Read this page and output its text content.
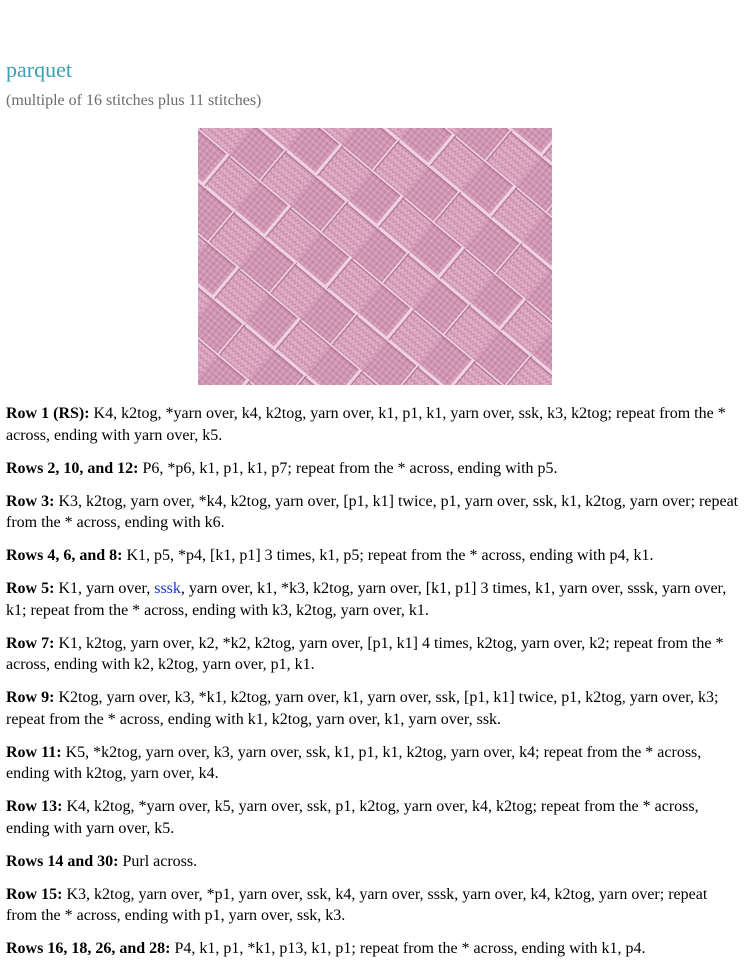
parquet
(multiple of 16 stitches plus 11 stitches)

Row 1 (RS): K4, k2tog, *yarn over, k4, k2tog, yarn over, k1, p1, k1, yarn over, ssk, k3, k2tog; repeat from the * across, ending with yarn over, k5.

Rows 2, 10, and 12: P6, *p6, k1, p1, k1, p7; repeat from the * across, ending with p5.

Row 3: K3, k2tog, yarn over, *k4, k2tog, yarn over, [p1, k1] twice, p1, yarn over, ssk, k1, k2tog, yarn over; repeat from the * across, ending with k6.

Rows 4, 6, and 8: K1, p5, *p4, [k1, p1] 3 times, k1, p5; repeat from the * across, ending with p4, k1.

Row 5: K1, yarn over, sssk, yarn over, k1, *k3, k2tog, yarn over, [k1, p1] 3 times, k1, yarn over, sssk, yarn over, k1; repeat from the * across, ending with k3, k2tog, yarn over, k1.

Row 7: K1, k2tog, yarn over, k2, *k2, k2tog, yarn over, [p1, k1] 4 times, k2tog, yarn over, k2; repeat from the * across, ending with k2, k2tog, yarn over, p1, k1.

Row 9: K2tog, yarn over, k3, *k1, k2tog, yarn over, k1, yarn over, ssk, [p1, k1] twice, p1, k2tog, yarn over, k3; repeat from the * across, ending with k1, k2tog, yarn over, k1, yarn over, ssk.

Row 11: K5, *k2tog, yarn over, k3, yarn over, ssk, k1, p1, k1, k2tog, yarn over, k4; repeat from the * across, ending with k2tog, yarn over, k4.

Row 13: K4, k2tog, *yarn over, k5, yarn over, ssk, p1, k2tog, yarn over, k4, k2tog; repeat from the * across, ending with yarn over, k5.

Rows 14 and 30: Purl across.

Row 15: K3, k2tog, yarn over, *p1, yarn over, ssk, k4, yarn over, sssk, yarn over, k4, k2tog, yarn over; repeat from the * across, ending with p1, yarn over, ssk, k3.

Rows 16, 18, 26, and 28: P4, k1, p1, *k1, p13, k1, p1; repeat from the * across, ending with k1, p4.
